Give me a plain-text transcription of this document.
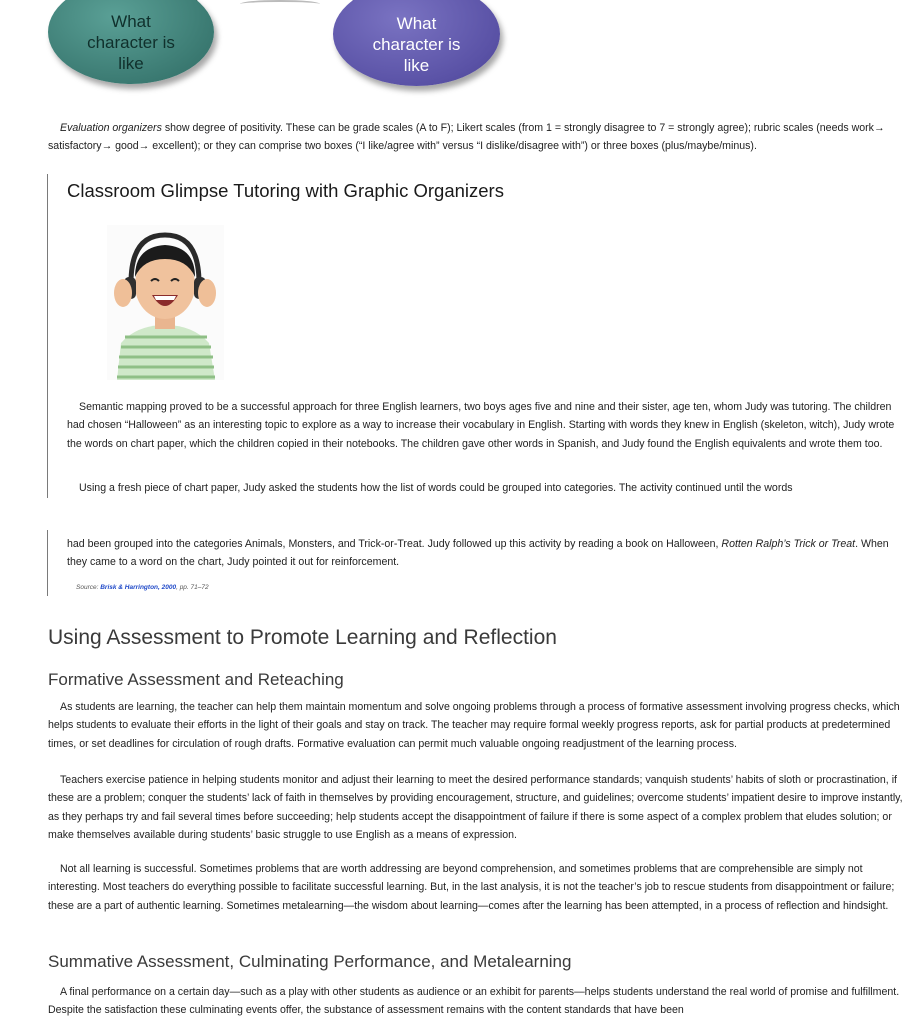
What character is like
What character is like

Evaluation organizers show degree of positivity. These can be grade scales (A to F); Likert scales (from 1 = strongly disagree to 7 = strongly agree); rubric scales (needs work→ satisfactory→ good→ excellent); or they can comprise two boxes (“I like/agree with” versus “I dislike/disagree with”) or three boxes (plus/maybe/minus).

Classroom Glimpse Tutoring with Graphic Organizers

Semantic mapping proved to be a successful approach for three English learners, two boys ages five and nine and their sister, age ten, whom Judy was tutoring. The children had chosen “Halloween” as an interesting topic to explore as a way to increase their vocabulary in English. Starting with words they knew in English (skeleton, witch), Judy wrote the words on chart paper, which the children copied in their notebooks. The children gave other words in Spanish, and Judy found the English equivalents and wrote them too.

Using a fresh piece of chart paper, Judy asked the students how the list of words could be grouped into categories. The activity continued until the words

had been grouped into the categories Animals, Monsters, and Trick-or-Treat. Judy followed up this activity by reading a book on Halloween, Rotten Ralph’s Trick or Treat. When they came to a word on the chart, Judy pointed it out for reinforcement.

Source: Brisk & Harrington, 2000, pp. 71–72
Using Assessment to Promote Learning and Reflection
Formative Assessment and Reteaching

As students are learning, the teacher can help them maintain momentum and solve ongoing problems through a process of formative assessment involving progress checks, which helps students to evaluate their efforts in the light of their goals and stay on track. The teacher may require formal weekly progress reports, ask for partial products at predetermined times, or set deadlines for circulation of rough drafts. Formative evaluation can permit much valuable ongoing readjustment of the learning process.

Teachers exercise patience in helping students monitor and adjust their learning to meet the desired performance standards; vanquish students’ habits of sloth or procrastination, if these are a problem; conquer the students’ lack of faith in themselves by providing encouragement, structure, and guidelines; overcome students’ impatient desire to improve instantly, as they perhaps try and fail several times before succeeding; help students accept the disappointment of failure if there is some aspect of a complex problem that eludes solution; or make themselves available during students’ basic struggle to use English as a means of expression.

Not all learning is successful. Sometimes problems that are worth addressing are beyond comprehension, and sometimes problems that are comprehensible are simply not interesting. Most teachers do everything possible to facilitate successful learning. But, in the last analysis, it is not the teacher’s job to rescue students from disappointment or failure; these are a part of authentic learning. Sometimes metalearning—the wisdom about learning—comes after the learning has been attempted, in a process of reflection and hindsight.

Summative Assessment, Culminating Performance, and Metalearning

A final performance on a certain day—such as a play with other students as audience or an exhibit for parents—helps students understand the real world of promise and fulfillment. Despite the satisfaction these culminating events offer, the substance of assessment remains with the content standards that have been
